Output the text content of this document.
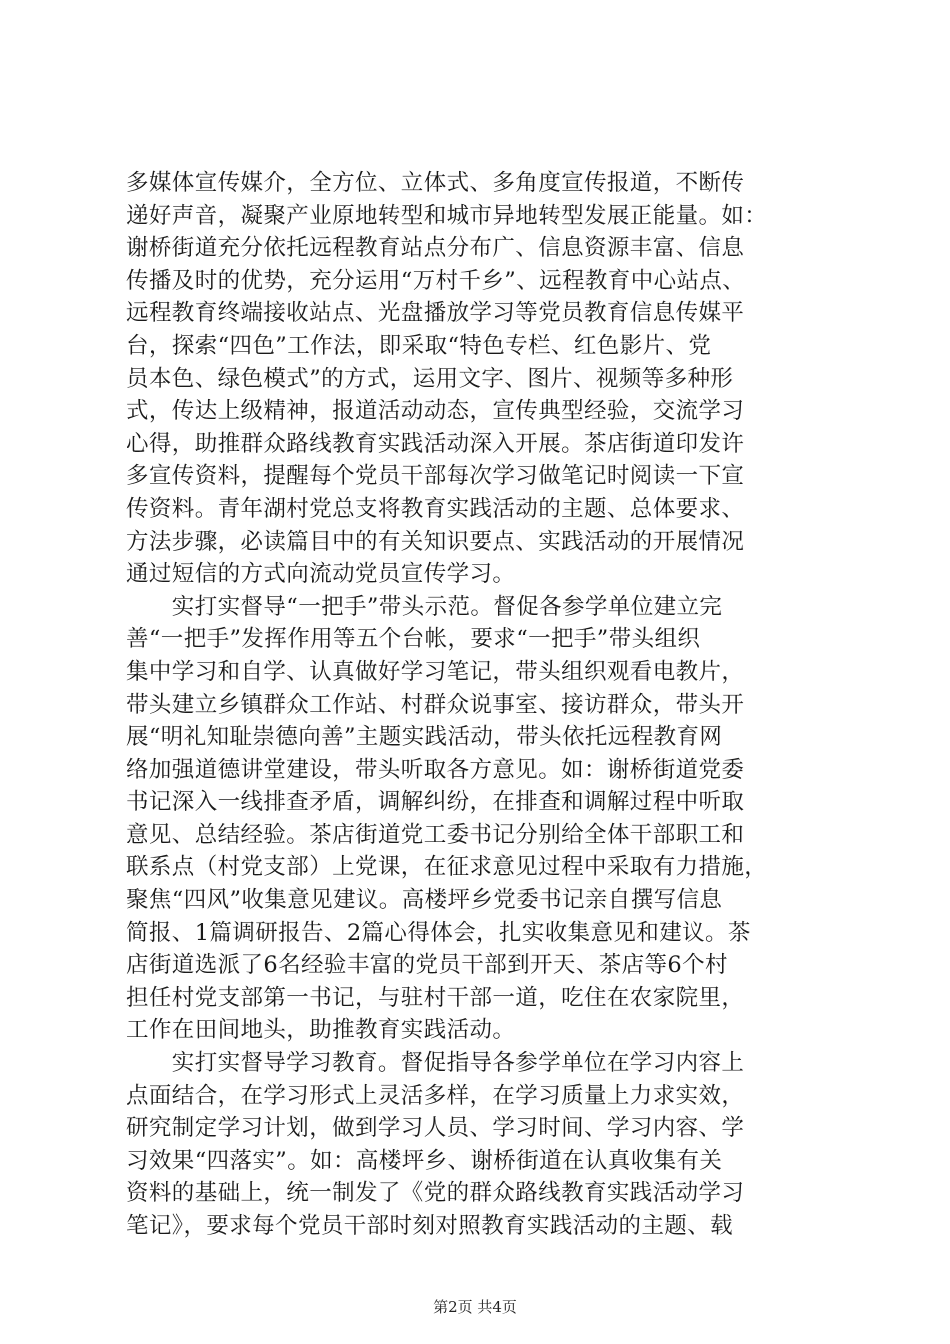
多媒体宣传媒介，全方位、立体式、多角度宣传报道，不断传
递好声音，凝聚产业原地转型和城市异地转型发展正能量。如：
谢桥街道充分依托远程教育站点分布广、信息资源丰富、信息
传播及时的优势，充分运用“万村千乡”、远程教育中心站点、
远程教育终端接收站点、光盘播放学习等党员教育信息传媒平
台，探索“四色”工作法，即采取“特色专栏、红色影片、党
员本色、绿色模式”的方式，运用文字、图片、视频等多种形
式，传达上级精神，报道活动动态，宣传典型经验，交流学习
心得，助推群众路线教育实践活动深入开展。茶店街道印发许
多宣传资料，提醒每个党员干部每次学习做笔记时阅读一下宣
传资料。青年湖村党总支将教育实践活动的主题、总体要求、
方法步骤，必读篇目中的有关知识要点、实践活动的开展情况
通过短信的方式向流动党员宣传学习。
　　实打实督导“一把手”带头示范。督促各参学单位建立完
善“一把手”发挥作用等五个台帐，要求“一把手”带头组织
集中学习和自学、认真做好学习笔记，带头组织观看电教片，
带头建立乡镇群众工作站、村群众说事室、接访群众，带头开
展“明礼知耻崇德向善”主题实践活动，带头依托远程教育网
络加强道德讲堂建设，带头听取各方意见。如：谢桥街道党委
书记深入一线排查矛盾，调解纠纷，在排查和调解过程中听取
意见、总结经验。茶店街道党工委书记分别给全体干部职工和
联系点（村党支部）上党课，在征求意见过程中采取有力措施，
聚焦“四风”收集意见建议。高楼坪乡党委书记亲自撰写信息
简报、1篇调研报告、2篇心得体会，扎实收集意见和建议。茶
店街道选派了6名经验丰富的党员干部到开天、茶店等6个村
担任村党支部第一书记，与驻村干部一道，吃住在农家院里，
工作在田间地头，助推教育实践活动。
　　实打实督导学习教育。督促指导各参学单位在学习内容上
点面结合，在学习形式上灵活多样，在学习质量上力求实效，
研究制定学习计划，做到学习人员、学习时间、学习内容、学
习效果“四落实”。如：高楼坪乡、谢桥街道在认真收集有关
资料的基础上，统一制发了《党的群众路线教育实践活动学习
笔记》，要求每个党员干部时刻对照教育实践活动的主题、载
第2页 共4页
